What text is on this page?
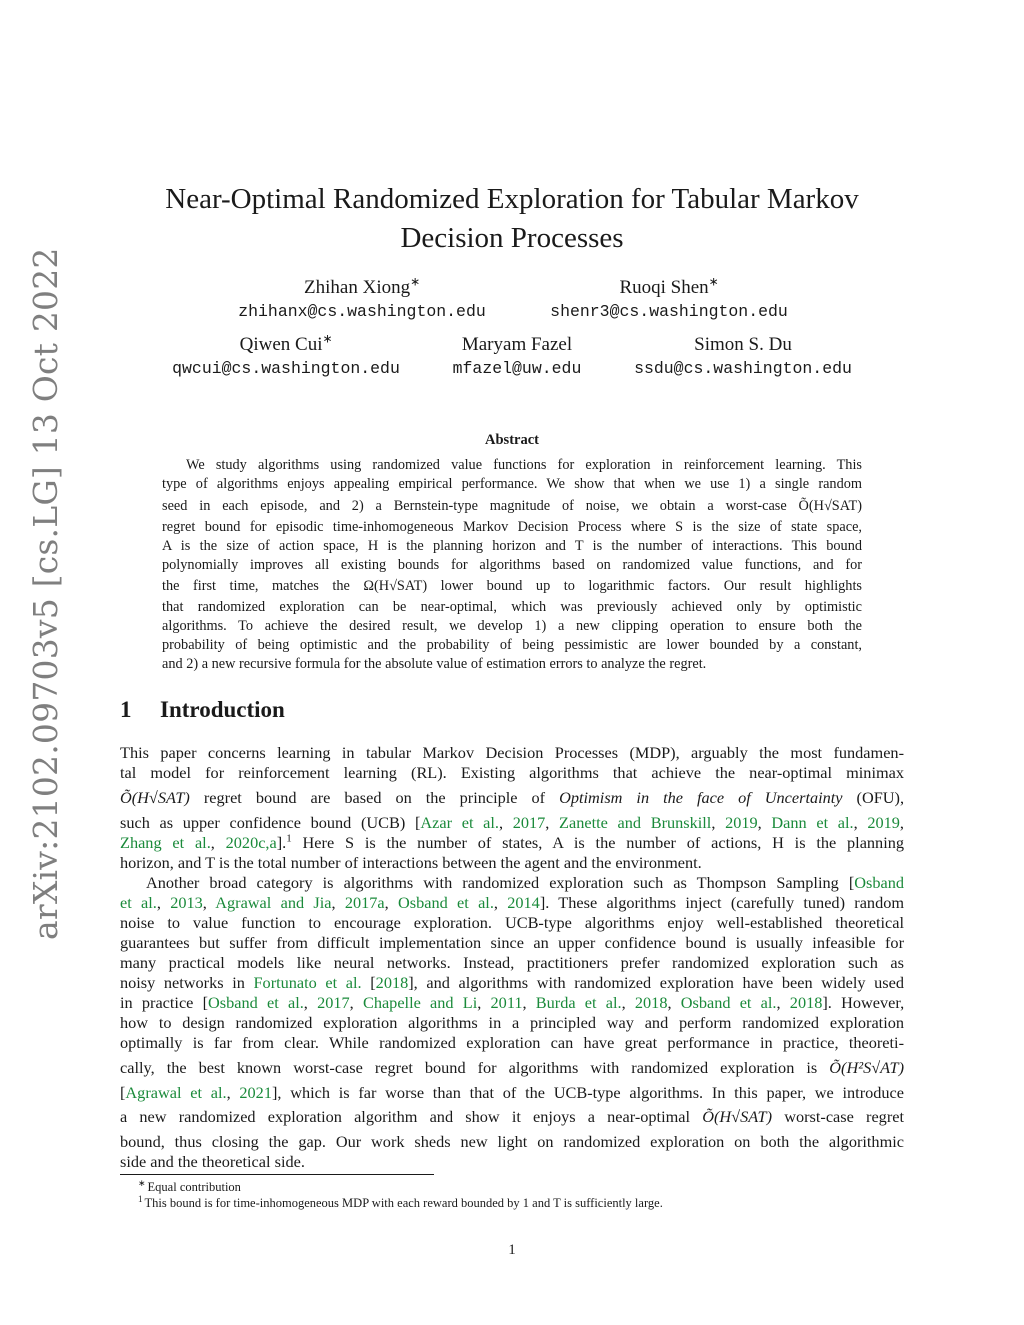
arXiv:2102.09703v5 [cs.LG] 13 Oct 2022
Near-Optimal Randomized Exploration for Tabular Markov
Decision Processes
Zhihan Xiong∗
zhihanx@cs.washington.edu
Ruoqi Shen∗
shenr3@cs.washington.edu
Qiwen Cui∗
qwcui@cs.washington.edu
Maryam Fazel
mfazel@uw.edu
Simon S. Du
ssdu@cs.washington.edu
Abstract
We study algorithms using randomized value functions for exploration in reinforcement learning. This
type of algorithms enjoys appealing empirical performance. We show that when we use 1) a single random
seed in each episode, and 2) a Bernstein-type magnitude of noise, we obtain a worst-case Õ(H√SAT)
regret bound for episodic time-inhomogeneous Markov Decision Process where S is the size of state space,
A is the size of action space, H is the planning horizon and T is the number of interactions. This bound
polynomially improves all existing bounds for algorithms based on randomized value functions, and for
the first time, matches the Ω(H√SAT) lower bound up to logarithmic factors. Our result highlights
that randomized exploration can be near-optimal, which was previously achieved only by optimistic
algorithms. To achieve the desired result, we develop 1) a new clipping operation to ensure both the
probability of being optimistic and the probability of being pessimistic are lower bounded by a constant,
and 2) a new recursive formula for the absolute value of estimation errors to analyze the regret.
1 Introduction
This paper concerns learning in tabular Markov Decision Processes (MDP), arguably the most fundamen-
tal model for reinforcement learning (RL). Existing algorithms that achieve the near-optimal minimax
Õ(H√SAT) regret bound are based on the principle of Optimism in the face of Uncertainty (OFU),
such as upper confidence bound (UCB) [Azar et al., 2017, Zanette and Brunskill, 2019, Dann et al., 2019,
Zhang et al., 2020c,a].$^1$ Here S is the number of states, A is the number of actions, H is the planning
horizon, and T is the total number of interactions between the agent and the environment.
Another broad category is algorithms with randomized exploration such as Thompson Sampling [Osband
et al., 2013, Agrawal and Jia, 2017a, Osband et al., 2014]. These algorithms inject (carefully tuned) random
noise to value function to encourage exploration. UCB-type algorithms enjoy well-established theoretical
guarantees but suffer from difficult implementation since an upper confidence bound is usually infeasible for
many practical models like neural networks. Instead, practitioners prefer randomized exploration such as
noisy networks in Fortunato et al. [2018], and algorithms with randomized exploration have been widely used
in practice [Osband et al., 2017, Chapelle and Li, 2011, Burda et al., 2018, Osband et al., 2018]. However,
how to design randomized exploration algorithms in a principled way and perform randomized exploration
optimally is far from clear. While randomized exploration can have great performance in practice, theoreti-
cally, the best known worst-case regret bound for algorithms with randomized exploration is Õ(H²S√AT)
[Agrawal et al., 2021], which is far worse than that of the UCB-type algorithms. In this paper, we introduce
a new randomized exploration algorithm and show it enjoys a near-optimal Õ(H√SAT) worst-case regret
bound, thus closing the gap. Our work sheds new light on randomized exploration on both the algorithmic
side and the theoretical side.
∗ Equal contribution
$^1$ This bound is for time-inhomogeneous MDP with each reward bounded by 1 and T is sufficiently large.
1
